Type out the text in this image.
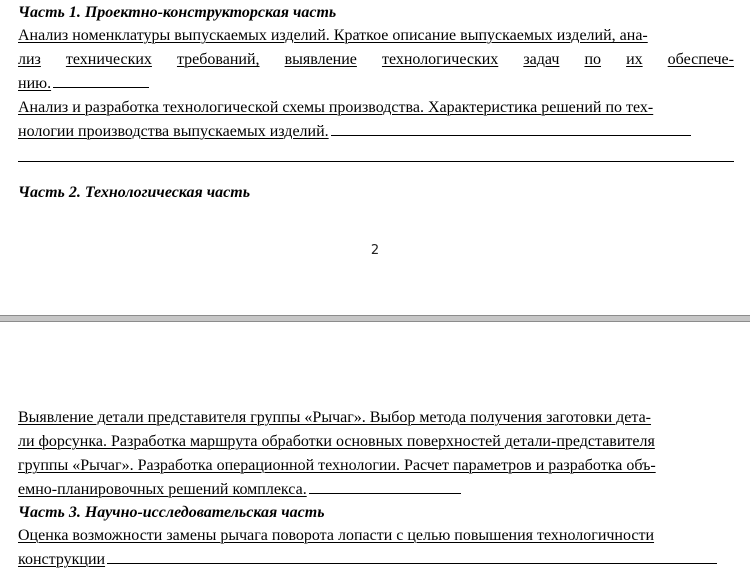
Часть 1. Проектно-конструкторская часть
Анализ номенклатуры выпускаемых изделий. Краткое описание выпускаемых изделий, ана-
лиз технических требований, выявление технологических задач по их обеспече-
нию.
Анализ и разработка технологической схемы производства. Характеристика решений по тех-
нологии производства выпускаемых изделий.
Часть 2. Технологическая часть
2
Выявление детали представителя группы «Рычаг». Выбор метода получения заготовки дета-
ли форсунка. Разработка маршрута обработки основных поверхностей детали-представителя
группы «Рычаг». Разработка операционной технологии. Расчет параметров и разработка объ-
емно-планировочных решений комплекса.
Часть 3. Научно-исследовательская часть
Оценка возможности замены рычага поворота лопасти с целью повышения технологичности
конструкции
